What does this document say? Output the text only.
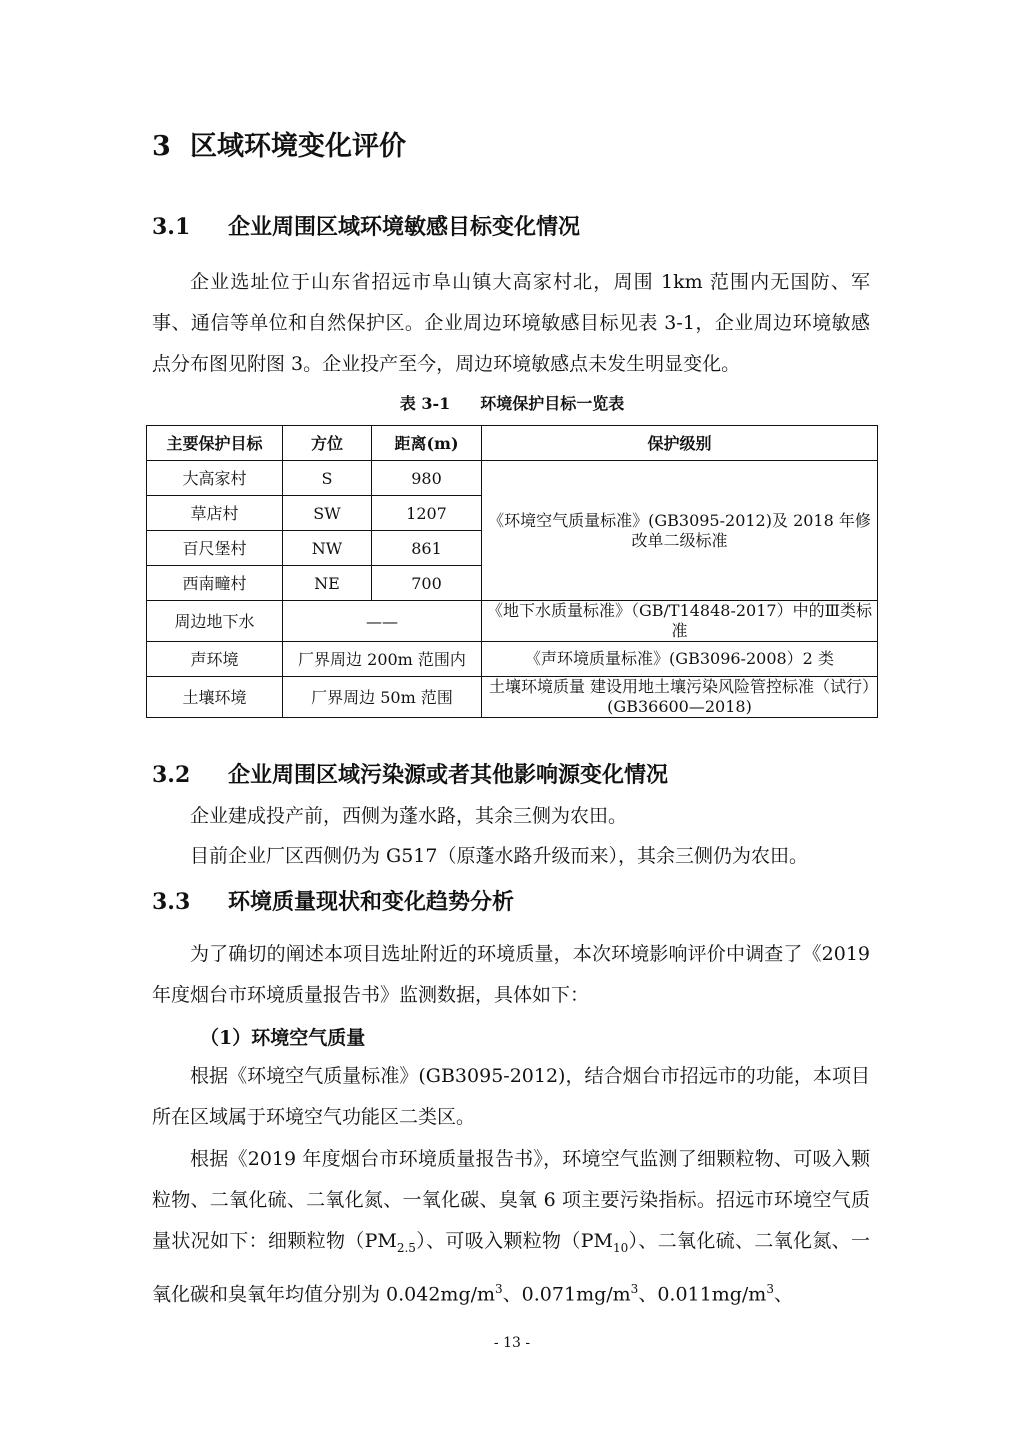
3 区域环境变化评价
3.1 企业周围区域环境敏感目标变化情况

企业选址位于山东省招远市阜山镇大高家村北，周围 1km 范围内无国防、军事、通信等单位和自然保护区。企业周边环境敏感目标见表 3-1，企业周边环境敏感点分布图见附图 3。企业投产至今，周边环境敏感点未发生明显变化。

表 3-1 环境保护目标一览表
主要保护目标	方位	距离(m)	保护级别
大高家村	S	980	《环境空气质量标准》(GB3095-2012)及 2018 年修改单二级标准
草店村	SW	1207	
百尺堡村	NW	861	
西南疃村	NE	700	
周边地下水	——		《地下水质量标准》（GB/T14848-2017）中的Ⅲ类标准
声环境	厂界周边 200m 范围内		《声环境质量标准》(GB3096-2008）2 类
土壤环境	厂界周边 50m 范围		土壤环境质量 建设用地土壤污染风险管控标准（试行）(GB36600—2018)
3.2 企业周围区域污染源或者其他影响源变化情况

企业建成投产前，西侧为蓬水路，其余三侧为农田。

目前企业厂区西侧仍为 G517（原蓬水路升级而来），其余三侧仍为农田。

3.3 环境质量现状和变化趋势分析

为了确切的阐述本项目选址附近的环境质量，本次环境影响评价中调查了《2019 年度烟台市环境质量报告书》监测数据，具体如下：

（1）环境空气质量

根据《环境空气质量标准》(GB3095-2012)，结合烟台市招远市的功能，本项目所在区域属于环境空气功能区二类区。

根据《2019 年度烟台市环境质量报告书》，环境空气监测了细颗粒物、可吸入颗粒物、二氧化硫、二氧化氮、一氧化碳、臭氧 6 项主要污染指标。招远市环境空气质量状况如下：细颗粒物$(PM_{2.5})$、可吸入颗粒物$(PM_{10})$、二氧化硫、二氧化氮、一氧化碳和臭氧年均值分别为 $0.042mg/m^3$、$0.071mg/m^3$、$0.011mg/m^3$、

- 13 -
